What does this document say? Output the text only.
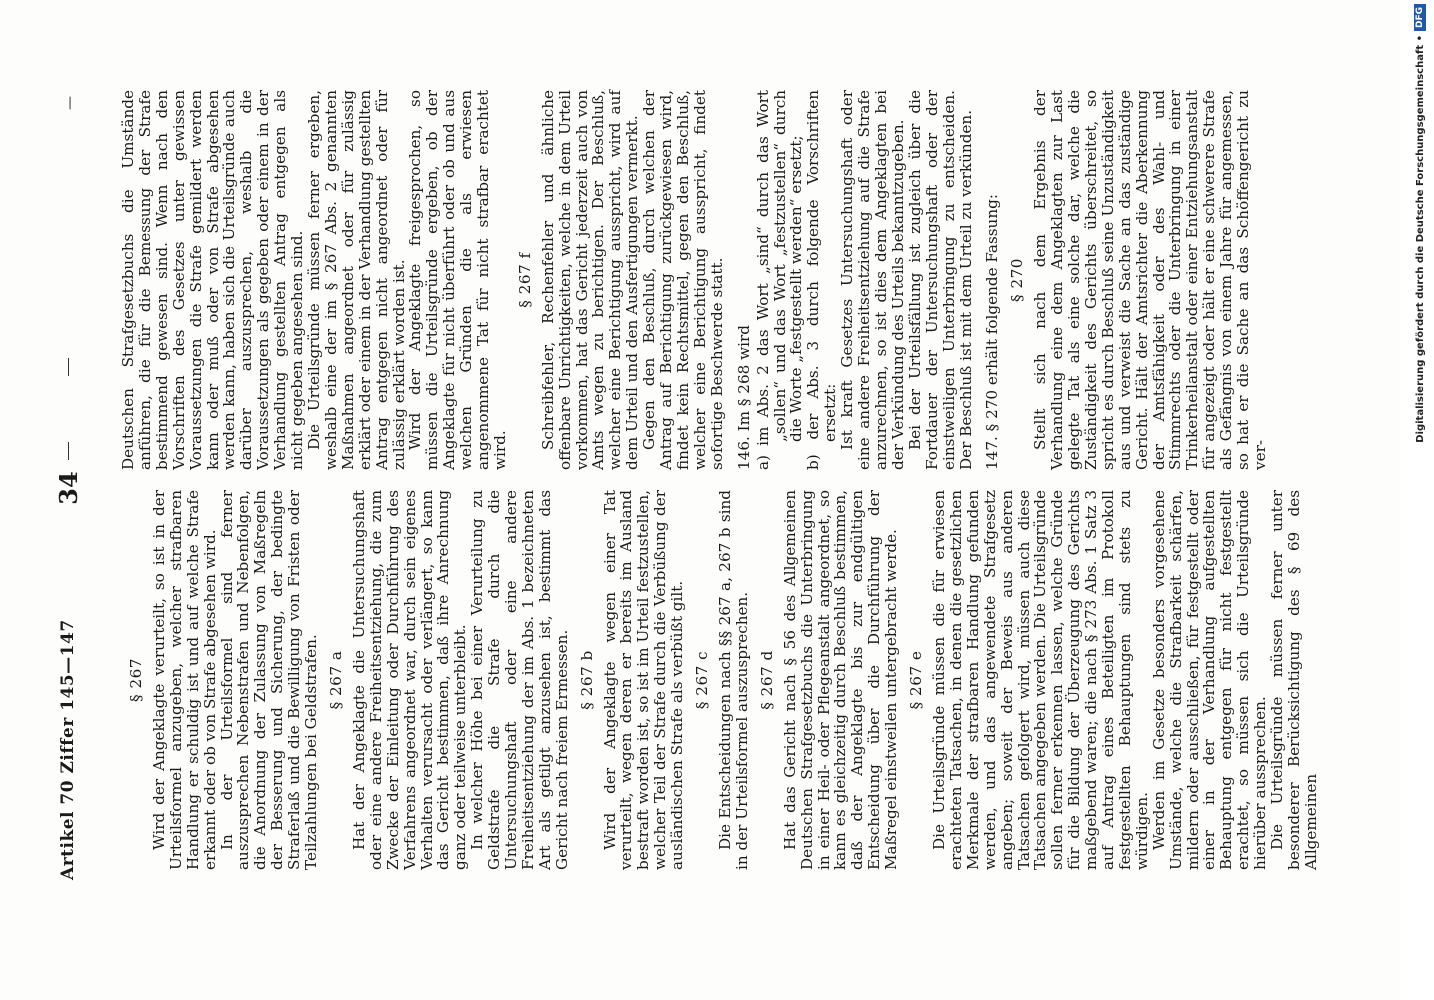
Artikel 70 Ziffer 145—147
34
—
§ 267 Wird der Angeklagte verurteilt, so ist in der Urteilsformel anzugeben, welcher strafbaren Handlung er schuldig ist und auf welche Strafe erkannt oder ob von Strafe abgesehen wird.

In der Urteilsformel sind ferner auszusprechen Nebenstrafen und Nebenfolgen, die Anordnung der Zulassung von Maßregeln der Besserung und Sicherung, der bedingte Straferlaß und die Bewilligung von Fristen oder Teilzahlungen bei Geldstrafen. § 267 a Hat der Angeklagte die Untersuchungshaft oder eine andere Freiheitsentziehung, die zum Zwecke der Einleitung oder Durchführung des Verfahrens angeordnet war, durch sein eigenes Verhalten verursacht oder verlängert, so kann das Gericht bestimmen, daß ihre Anrechnung ganz oder teilweise unterbleibt.

In welcher Höhe bei einer Verurteilung zu Geldstrafe die Strafe durch die Untersuchungshaft oder eine andere Freiheitsentziehung der im Abs. 1 bezeichneten Art als getilgt anzusehen ist, bestimmt das Gericht nach freiem Ermessen. § 267 b Wird der Angeklagte wegen einer Tat verurteilt, wegen deren er bereits im Ausland bestraft worden ist, so ist im Urteil festzustellen, welcher Teil der Strafe durch die Verbüßung der ausländischen Strafe als verbüßt gilt. § 267 c Die Entscheidungen nach §§ 267 a, 267 b sind in der Urteilsformel auszusprechen. § 267 d Hat das Gericht nach § 56 des Allgemeinen Deutschen Strafgesetzbuchs die Unterbringung in einer Heil- oder Pflegeanstalt angeordnet, so kann es gleichzeitig durch Beschluß bestimmen, daß der Angeklagte bis zur endgültigen Entscheidung über die Durchführung der Maßregel einstweilen untergebracht werde. § 267 e Die Urteilsgründe müssen die für erwiesen erachteten Tatsachen, in denen die gesetzlichen Merkmale der strafbaren Handlung gefunden werden, und das angewendete Strafgesetz angeben; soweit der Beweis aus anderen Tatsachen gefolgert wird, müssen auch diese Tatsachen angegeben werden. Die Urteilsgründe sollen ferner erkennen lassen, welche Gründe für die Bildung der Überzeugung des Gerichts maßgebend waren; die nach § 273 Abs. 1 Satz 3 auf Antrag eines Beteiligten im Protokoll festgestellten Behauptungen sind stets zu würdigen.

Werden im Gesetze besonders vorgesehene Umstände, welche die Strafbarkeit schärfen, mildern oder ausschließen, für festgestellt oder einer in der Verhandlung aufgestellten Behauptung entgegen für nicht festgestellt erachtet, so müssen sich die Urteilsgründe hierüber aussprechen.

Die Urteilsgründe müssen ferner unter besonderer Berücksichtigung des § 69 des Allgemeinen

Deutschen Strafgesetzbuchs die Umstände anführen, die für die Bemessung der Strafe bestimmend gewesen sind. Wenn nach den Vorschriften des Gesetzes unter gewissen Voraussetzungen die Strafe gemildert werden kann oder muß oder von Strafe abgesehen werden kann, haben sich die Urteilsgründe auch darüber auszusprechen, weshalb die Voraussetzungen als gegeben oder einem in der Verhandlung gestellten Antrag entgegen als nicht gegeben angesehen sind.

Die Urteilsgründe müssen ferner ergeben, weshalb eine der im § 267 Abs. 2 genannten Maßnahmen angeordnet oder für zulässig erklärt oder einem in der Verhandlung gestellten Antrag entgegen nicht angeordnet oder für zulässig erklärt worden ist.

Wird der Angeklagte freigesprochen, so müssen die Urteilsgründe ergeben, ob der Angeklagte für nicht überführt oder ob und aus welchen Gründen die als erwiesen angenommene Tat für nicht strafbar erachtet wird.

§ 267 f Schreibfehler, Rechenfehler und ähnliche offenbare Unrichtigkeiten, welche in dem Urteil vorkommen, hat das Gericht jederzeit auch von Amts wegen zu berichtigen. Der Beschluß, welcher eine Berichtigung ausspricht, wird auf dem Urteil und den Ausfertigungen vermerkt.

Gegen den Beschluß, durch welchen der Antrag auf Berichtigung zurückgewiesen wird, findet kein Rechtsmittel, gegen den Beschluß, welcher eine Berichtigung ausspricht, findet sofortige Beschwerde statt. 146. Im § 268 wird a) im Abs. 2 das Wort „sind“ durch das Wort „sollen“ und das Wort „festzustellen“ durch die Worte „festgestellt werden“ ersetzt;

b) der Abs. 3 durch folgende Vorschriften ersetzt:

Ist kraft Gesetzes Untersuchungshaft oder eine andere Freiheitsentziehung auf die Strafe anzurechnen, so ist dies dem Angeklagten bei der Verkündung des Urteils bekanntzugeben.

Bei der Urteilsfällung ist zugleich über die Fortdauer der Untersuchungshaft oder der einstweiligen Unterbringung zu entscheiden. Der Beschluß ist mit dem Urteil zu verkünden. 147. § 270 erhält folgende Fassung: § 270 Stellt sich nach dem Ergebnis der Verhandlung eine dem Angeklagten zur Last gelegte Tat als eine solche dar, welche die Zuständigkeit des Gerichts überschreitet, so spricht es durch Beschluß seine Unzuständigkeit aus und verweist die Sache an das zuständige Gericht. Hält der Amtsrichter die Aberkennung der Amtsfähigkeit oder des Wahl- und Stimmrechts oder die Unterbringung in einer Trinkerheilanstalt oder einer Entziehungsanstalt für angezeigt oder hält er eine schwerere Strafe als Gefängnis von einem Jahre für angemessen, so hat er die Sache an das Schöffengericht zu ver-

Digitalisierung gefördert durch die Deutsche Forschungsgemeinschaft •
DFG
